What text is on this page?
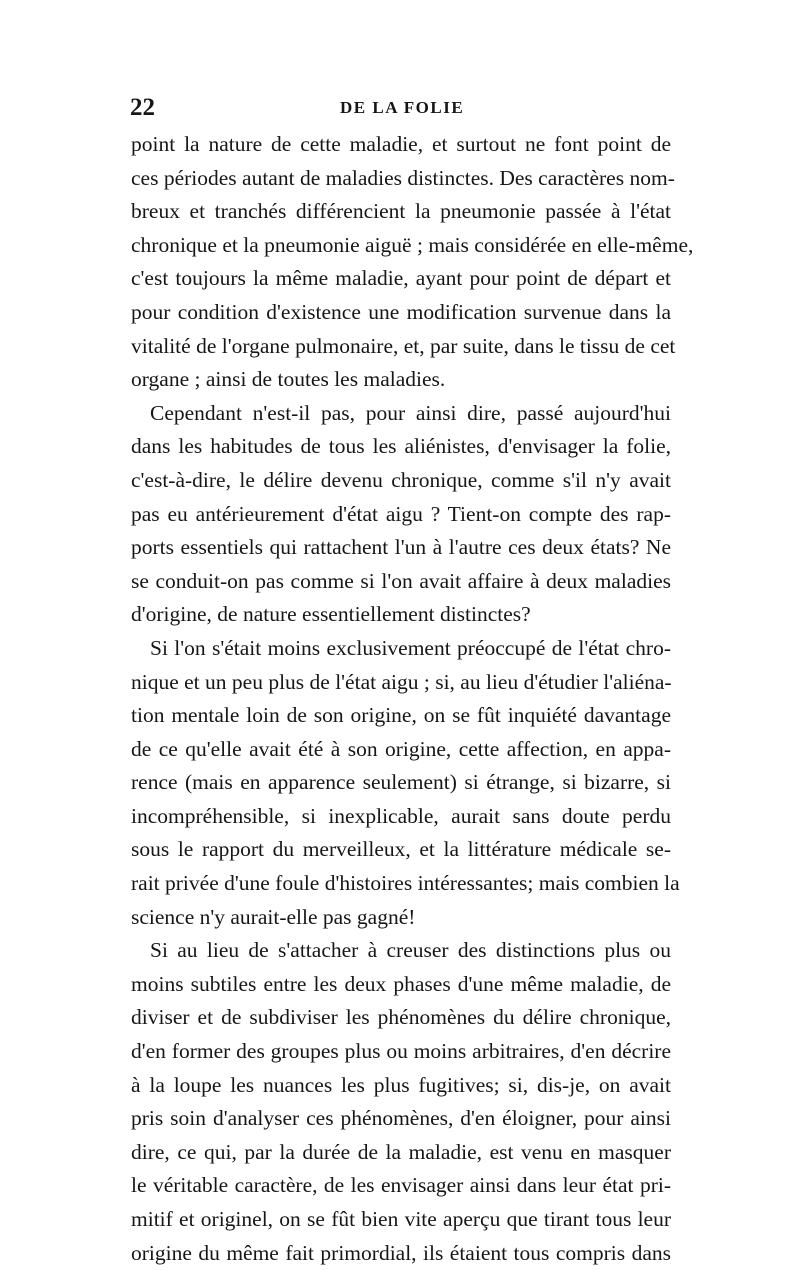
22	DE LA FOLIE
point la nature de cette maladie, et surtout ne font point de
ces périodes autant de maladies distinctes. Des caractères nom-
breux et tranchés différencient la pneumonie passée à l'état
chronique et la pneumonie aiguë ; mais considérée en elle-même,
c'est toujours la même maladie, ayant pour point de départ et
pour condition d'existence une modification survenue dans la
vitalité de l'organe pulmonaire, et, par suite, dans le tissu de cet
organe ; ainsi de toutes les maladies.
Cependant n'est-il pas, pour ainsi dire, passé aujourd'hui
dans les habitudes de tous les aliénistes, d'envisager la folie,
c'est-à-dire, le délire devenu chronique, comme s'il n'y avait
pas eu antérieurement d'état aigu ? Tient-on compte des rap-
ports essentiels qui rattachent l'un à l'autre ces deux états? Ne
se conduit-on pas comme si l'on avait affaire à deux maladies
d'origine, de nature essentiellement distinctes?
Si l'on s'était moins exclusivement préoccupé de l'état chro-
nique et un peu plus de l'état aigu ; si, au lieu d'étudier l'aliéna-
tion mentale loin de son origine, on se fût inquiété davantage
de ce qu'elle avait été à son origine, cette affection, en appa-
rence (mais en apparence seulement) si étrange, si bizarre, si
incompréhensible, si inexplicable, aurait sans doute perdu
sous le rapport du merveilleux, et la littérature médicale se-
rait privée d'une foule d'histoires intéressantes; mais combien la
science n'y aurait-elle pas gagné!
Si au lieu de s'attacher à creuser des distinctions plus ou
moins subtiles entre les deux phases d'une même maladie, de
diviser et de subdiviser les phénomènes du délire chronique,
d'en former des groupes plus ou moins arbitraires, d'en décrire
à la loupe les nuances les plus fugitives; si, dis-je, on avait
pris soin d'analyser ces phénomènes, d'en éloigner, pour ainsi
dire, ce qui, par la durée de la maladie, est venu en masquer
le véritable caractère, de les envisager ainsi dans leur état pri-
mitif et originel, on se fût bien vite aperçu que tirant tous leur
origine du même fait primordial, ils étaient tous compris dans
